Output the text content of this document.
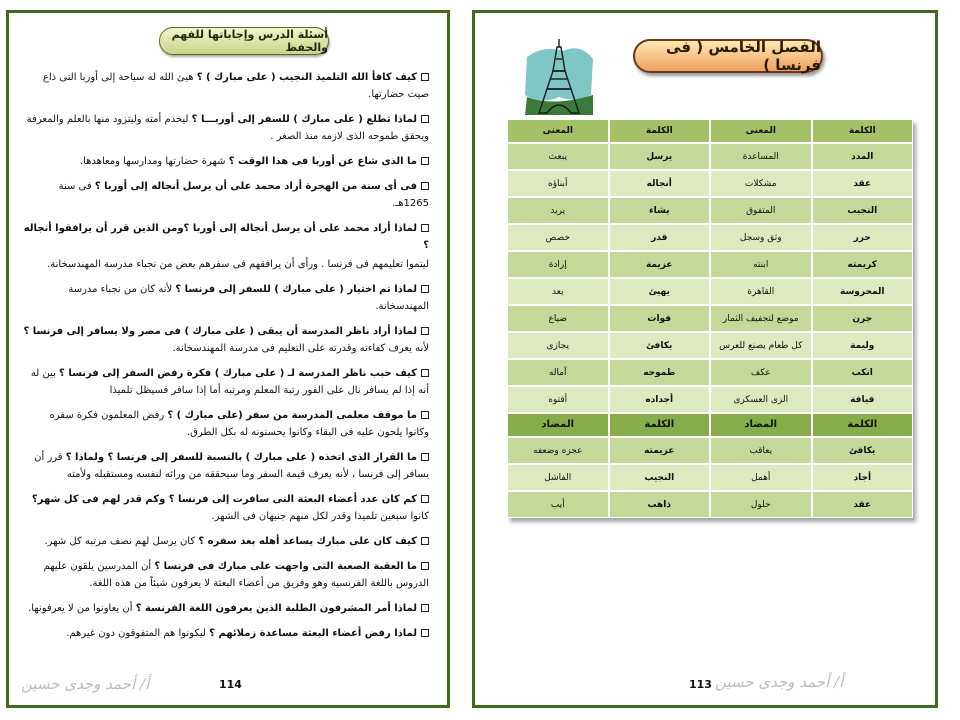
أسئلة الدرس وإجاباتها للفهم والحفظ

كيف كافأ الله التلميذ النجيب ( على مبارك ) ؟ هيئ الله له سياحة إلى أوربا التى ذاع صيت حضارتها.

لماذا تطلع ( على مبارك ) للسفر إلى أوربـــا ؟ ليخدم أمته وليتزود منها بالعلم والمعرفة ويحقق طموحه الذى لازمه منذ الصغر .

ما الذى شاع عن أوربا فى هذا الوقت ؟ شهرة حضارتها ومدارسها ومعاهدها.

فى أى سنة من الهجرة أراد محمد على أن يرسل أنجاله إلى أوربا ؟ فى سنة 1265هـ.

لماذا أراد محمد على أن يرسل أنجاله إلى أوربا ؟ومن الذين قرر أن يرافقوا أنجاله ؟

ليتموا تعليمهم فى فرنسا . ورأى أن يرافقهم فى سفرهم بعض من نجباء مدرسة المهندسخانة.

لماذا تم اختيار ( على مبارك ) للسفر إلى فرنسا ؟ لأنه كان من نجباء مدرسة المهندسخانة.

لماذا أراد ناظر المدرسة أن يبقى ( على مبارك ) فى مصر ولا يسافر إلى فرنسا ؟ لأنه يعرف كفاءته وقدرته على التعليم فى مدرسة المهندسخانة.

كيف حبب ناظر المدرسة لـ ( على مبارك ) فكرة رفض السفر إلى فرنسا ؟ بين له أنه إذا لم يسافر نال على الفور رتبة المعلم ومرتبه أما إذا سافر فسيظل تلميذا

ما موقف معلمى المدرسة من سفر (على مبارك ) ؟ رفض المعلمون فكرة سفره وكانوا يلحون عليه فى البقاء وكانوا يحسنونه له بكل الطرق.

ما القرار الذى اتخذه ( على مبارك ) بالنسبة للسفر إلى فرنسا ؟ ولماذا ؟ قرر أن يسافر إلى فرنسا ، لأنه يعرف قيمة السفر وما سيحققه من ورائه لنفسه ومستقبله ولأمته

كم كان عدد أعضاء البعثة التى سافرت إلى فرنسا ؟ وكم قدر لهم فى كل شهر؟ كانوا سبعين تلميذا وقدر لكل منهم جنيهان فى الشهر.

كيف كان على مبارك يساعد أهله بعد سفره ؟ كان يرسل لهم نصف مرتبه كل شهر.

ما العقبة الصعبة التى واجهت على مبارك فى فرنسا ؟ أن المدرسين يلقون عليهم الدروس باللغة الفرنسية وهو وفريق من أعضاء البعثة لا يعرفون شيئاً من هذه اللغة.

لماذا أمر المشرفون الطلبة الذين يعرفون اللغة الفرنسة ؟ أن يعاونوا من لا يعرفونها.

لماذا رفض أعضاء البعثة مساعدة زملائهم ؟ ليكونوا هم المتفوقون دون غيرهم.

أ/ أحمد وجدى حسين	114
الفصل الخامس ( فى فرنسا )
الكلمة	المعنى	الكلمة	المعنى
المدد	المساعدة	يرسل	يبعث
عقد	مشكلات	أنجاله	أبناؤه
النجيب	المتفوق	يشاء	يريد
حرر	وثق وسجل	قدر	خصص
كريمته	ابنته	عزيمة	إرادة
المحروسة	القاهرة	يهيئ	يعد
جرن	موضع لتجفيف الثمار	فوات	ضياع
وليمة	كل طعام يصنع للعرس	يكافئ	يجازى
انكب	عكف	طموحه	آماله
قيافة	الزى العسكرى	أجداده	أقتوه
الكلمة	المضاد	الكلمة	المضاد
يكافئ	يعاقب	عزيمته	عجزه وضعفه
أجاد	أهمل	النجيب	الفاشل
عقد	حلول	ذاهب	أيب
أ/ أحمد وجدى حسين
113
